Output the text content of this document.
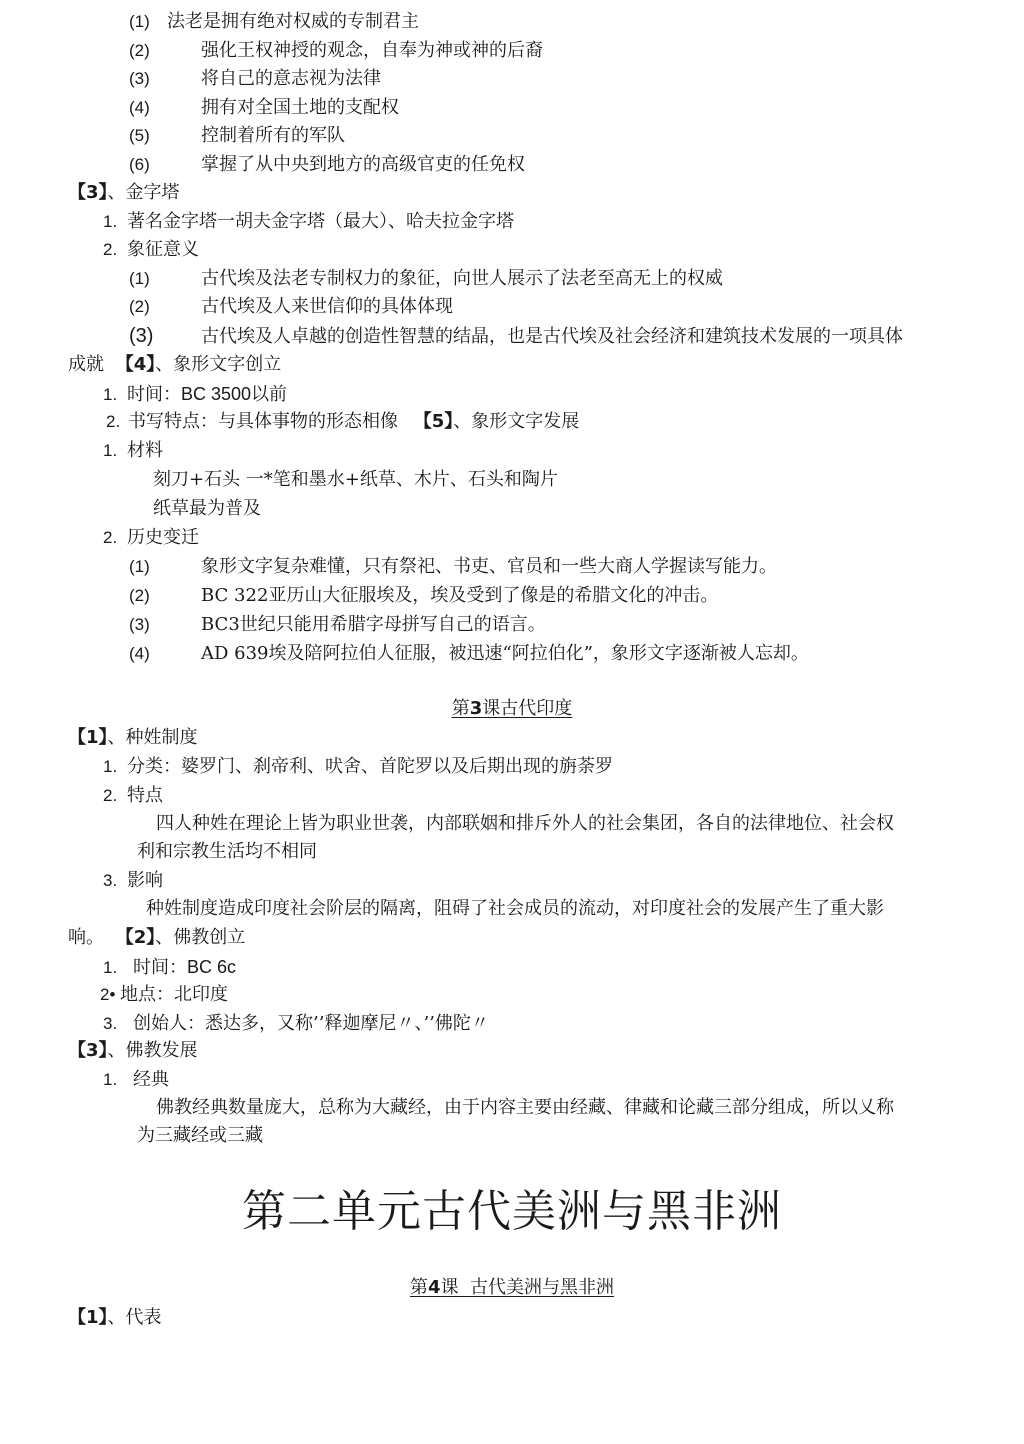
(1) 法老是拥有绝对权威的专制君主
(2)	强化王权神授的观念，自奉为神或神的后裔
(3)	将自己的意志视为法律
(4)	拥有对全国土地的支配权
(5)	控制着所有的军队
(6)	掌握了从中央到地方的高级官吏的任免权
【3】、金字塔
1. 著名金字塔一胡夫金字塔（最大）、哈夫拉金字塔
2. 象征意义
(1)	古代埃及法老专制权力的象征，向世人展示了法老至高无上的权威
(2)	古代埃及人来世信仰的具体体现
(3)	古代埃及人卓越的创造性智慧的结晶，也是古代埃及社会经济和建筑技术发展的一项具体
成就 【4】、象形文字创立
1. 时间：BC 3500以前
2. 书写特点：与具体事物的形态相像 【5】、象形文字发展
1. 材料
刻刀+石头 一*笔和墨水+纸草、木片、石头和陶片
纸草最为普及
2. 历史变迁
(1)	象形文字复杂难懂，只有祭祀、书吏、官员和一些大商人学握读写能力。
(2)	BC 322亚历山大征服埃及，埃及受到了像是的希腊文化的冲击。
(3)	BC3世纪只能用希腊字母拼写自己的语言。
(4)	AD 639埃及陪阿拉伯人征服，被迅速“阿拉伯化”，象形文字逐渐被人忘却。
第3课古代印度
【1】、种姓制度
1. 分类：婆罗门、刹帝利、吠舍、首陀罗以及后期出现的旃荼罗
2. 特点
四人种姓在理论上皆为职业世袭，内部联姻和排斥外人的社会集团，各自的法律地位、社会权
利和宗教生活均不相同
3. 影响
种姓制度造成印度社会阶层的隔离，阻碍了社会成员的流动，对印度社会的发展产生了重大影
响。 【2】、佛教创立
1. 时间：BC 6c
2• 地点：北印度
3. 创始人：悉达多，又称’’释迦摩尼〃、’’佛陀〃
【3】、佛教发展
1. 经典
佛教经典数量庞大，总称为大藏经，由于内容主要由经藏、律藏和论藏三部分组成，所以乂称
为三藏经或三藏
第二单元古代美洲与黑非洲
第4课  古代美洲与黑非洲
【1】、代表
